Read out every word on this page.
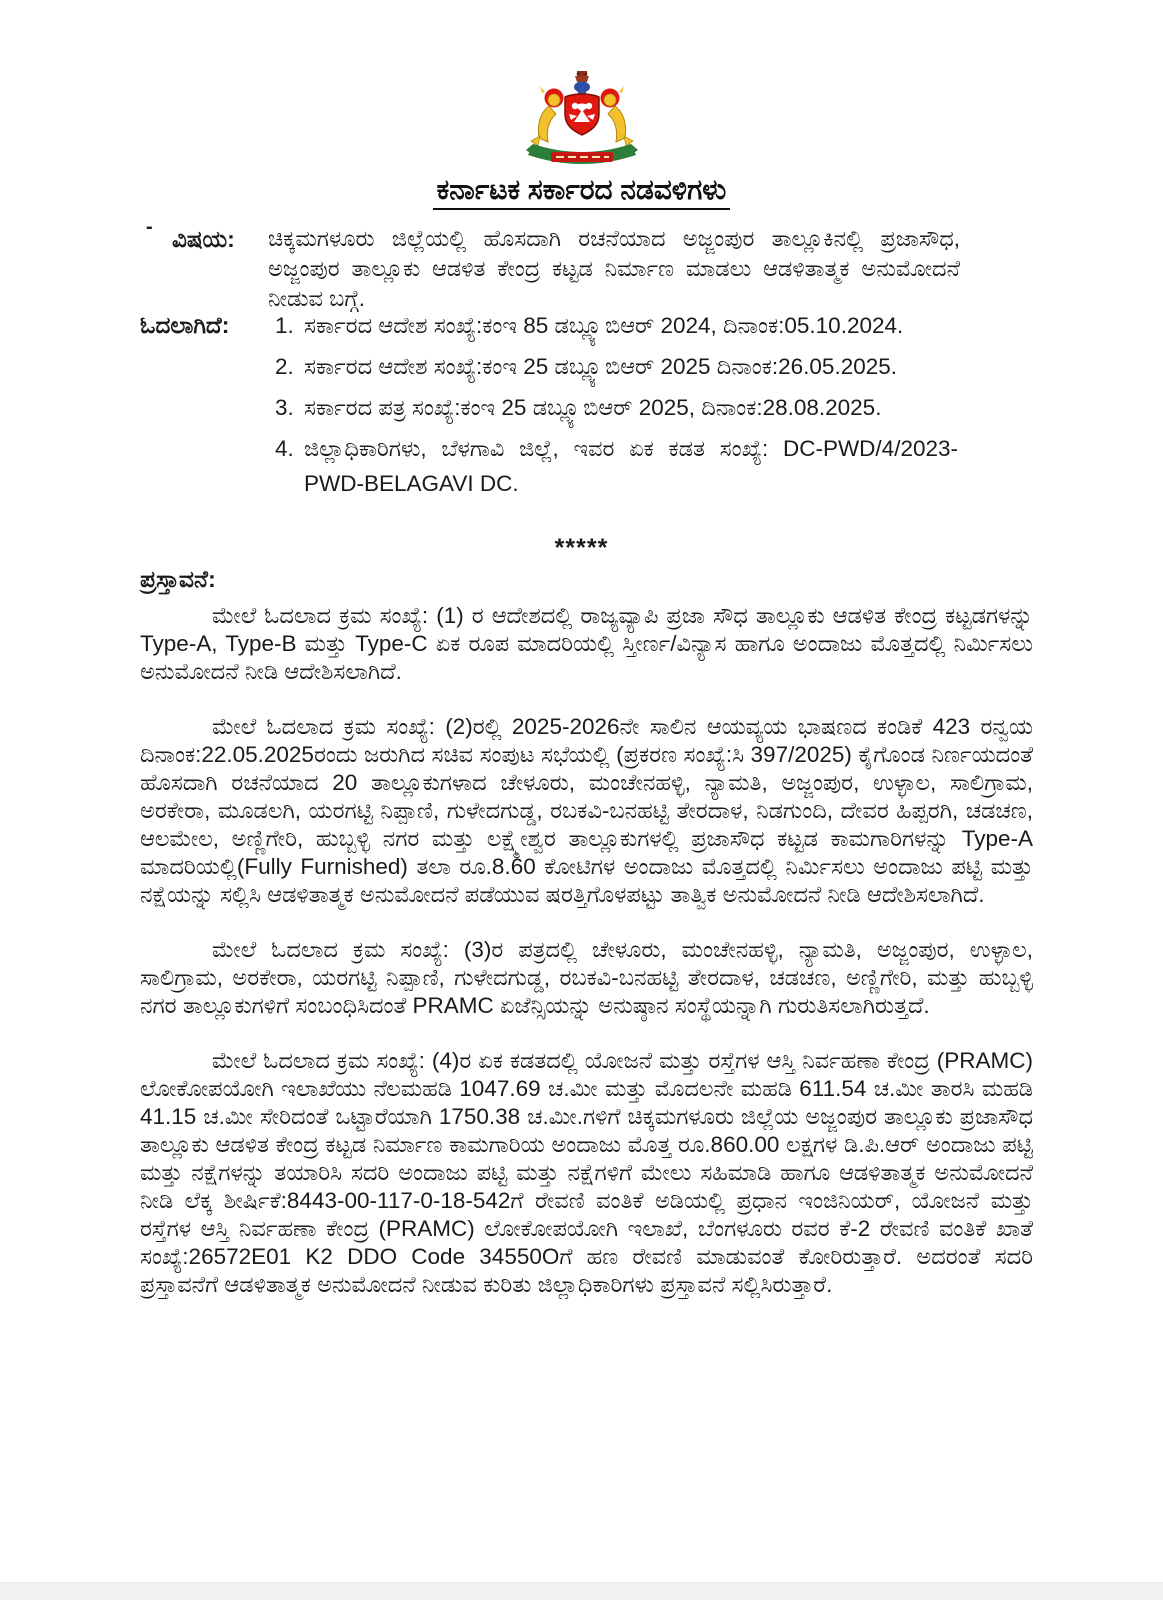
ಕರ್ನಾಟಕ ಸರ್ಕಾರದ ನಡವಳಿಗಳು
- ವಿಷಯ:	ಚಿಕ್ಕಮಗಳೂರು ಜಿಲ್ಲೆಯಲ್ಲಿ ಹೊಸದಾಗಿ ರಚನೆಯಾದ ಅಜ್ಜಂಪುರ ತಾಲ್ಲೂಕಿನಲ್ಲಿ ಪ್ರಜಾಸೌಧ, ಅಜ್ಜಂಪುರ ತಾಲ್ಲೂಕು ಆಡಳಿತ ಕೇಂದ್ರ ಕಟ್ಟಡ ನಿರ್ಮಾಣ ಮಾಡಲು ಆಡಳಿತಾತ್ಮಕ ಅನುಮೋದನೆ ನೀಡುವ ಬಗ್ಗೆ.
ಓದಲಾಗಿದೆ:	1. ಸರ್ಕಾರದ ಆದೇಶ ಸಂಖ್ಯೆ:ಕಂಇ 85 ಡಬ್ಲ್ಯೂಬಿಆರ್ 2024, ದಿನಾಂಕ:05.10.2024.
2. ಸರ್ಕಾರದ ಆದೇಶ ಸಂಖ್ಯೆ:ಕಂಇ 25 ಡಬ್ಲ್ಯೂಬಿಆರ್ 2025 ದಿನಾಂಕ:26.05.2025.
3. ಸರ್ಕಾರದ ಪತ್ರ ಸಂಖ್ಯೆ:ಕಂಇ 25 ಡಬ್ಲ್ಯೂಬಿಆರ್ 2025, ದಿನಾಂಕ:28.08.2025.
4. ಜಿಲ್ಲಾಧಿಕಾರಿಗಳು, ಬೆಳಗಾವಿ ಜಿಲ್ಲೆ, ಇವರ ಏಕ ಕಡತ ಸಂಖ್ಯೆ: DC-PWD/4/2023-PWD-BELAGAVI DC.
*****
ಪ್ರಸ್ತಾವನೆ:

ಮೇಲೆ ಓದಲಾದ ಕ್ರಮ ಸಂಖ್ಯೆ: (1) ರ ಆದೇಶದಲ್ಲಿ ರಾಜ್ಯವ್ಯಾಪಿ ಪ್ರಜಾ ಸೌಧ ತಾಲ್ಲೂಕು ಆಡಳಿತ ಕೇಂದ್ರ ಕಟ್ಟಡಗಳನ್ನು Type-A, Type-B ಮತ್ತು Type-C ಏಕ ರೂಪ ಮಾದರಿಯಲ್ಲಿ ಸ್ತೀರ್ಣ/ವಿನ್ಯಾಸ ಹಾಗೂ ಅಂದಾಜು ಮೊತ್ತದಲ್ಲಿ ನಿರ್ಮಿಸಲು ಅನುಮೋದನೆ ನೀಡಿ ಆದೇಶಿಸಲಾಗಿದೆ.

ಮೇಲೆ ಓದಲಾದ ಕ್ರಮ ಸಂಖ್ಯೆ: (2)ರಲ್ಲಿ 2025-2026ನೇ ಸಾಲಿನ ಆಯವ್ಯಯ ಭಾಷಣದ ಕಂಡಿಕೆ 423 ರನ್ವಯ ದಿನಾಂಕ:22.05.2025ರಂದು ಜರುಗಿದ ಸಚಿವ ಸಂಪುಟ ಸಭೆಯಲ್ಲಿ (ಪ್ರಕರಣ ಸಂಖ್ಯೆ:ಸಿ 397/2025) ಕೈಗೊಂಡ ನಿರ್ಣಯದಂತೆ ಹೊಸದಾಗಿ ರಚನೆಯಾದ 20 ತಾಲ್ಲೂಕುಗಳಾದ ಚೇಳೂರು, ಮಂಚೇನಹಳ್ಳಿ, ನ್ಯಾಮತಿ, ಅಜ್ಜಂಪುರ, ಉಳ್ಳಾಲ, ಸಾಲಿಗ್ರಾಮ, ಅರಕೇರಾ, ಮೂಡಲಗಿ, ಯರಗಟ್ಟಿ ನಿಪ್ಪಾಣಿ, ಗುಳೇದಗುಡ್ಡ, ರಬಕವಿ-ಬನಹಟ್ಟಿ ತೇರದಾಳ, ನಿಡಗುಂದಿ, ದೇವರ ಹಿಪ್ಪರಗಿ, ಚಡಚಣ, ಆಲಮೇಲ, ಅಣ್ಣಿಗೇರಿ, ಹುಬ್ಬಳ್ಳಿ ನಗರ ಮತ್ತು ಲಕ್ಷ್ಮೇಶ್ವರ ತಾಲ್ಲೂಕುಗಳಲ್ಲಿ ಪ್ರಜಾಸೌಧ ಕಟ್ಟಡ ಕಾಮಗಾರಿಗಳನ್ನು Type-A ಮಾದರಿಯಲ್ಲಿ(Fully Furnished) ತಲಾ ರೂ.8.60 ಕೋಟಿಗಳ ಅಂದಾಜು ಮೊತ್ತದಲ್ಲಿ ನಿರ್ಮಿಸಲು ಅಂದಾಜು ಪಟ್ಟಿ ಮತ್ತು ನಕ್ಷೆಯನ್ನು ಸಲ್ಲಿಸಿ ಆಡಳಿತಾತ್ಮಕ ಅನುಮೋದನೆ ಪಡೆಯುವ ಷರತ್ತಿಗೊಳಪಟ್ಟು ತಾತ್ವಿಕ ಅನುಮೋದನೆ ನೀಡಿ ಆದೇಶಿಸಲಾಗಿದೆ.

ಮೇಲೆ ಓದಲಾದ ಕ್ರಮ ಸಂಖ್ಯೆ: (3)ರ ಪತ್ರದಲ್ಲಿ ಚೇಳೂರು, ಮಂಚೇನಹಳ್ಳಿ, ನ್ಯಾಮತಿ, ಅಜ್ಜಂಪುರ, ಉಳ್ಳಾಲ, ಸಾಲಿಗ್ರಾಮ, ಅರಕೇರಾ, ಯರಗಟ್ಟಿ ನಿಪ್ಪಾಣಿ, ಗುಳೇದಗುಡ್ಡ, ರಬಕವಿ-ಬನಹಟ್ಟಿ ತೇರದಾಳ, ಚಡಚಣ, ಅಣ್ಣಿಗೇರಿ, ಮತ್ತು ಹುಬ್ಬಳ್ಳಿ ನಗರ ತಾಲ್ಲೂಕುಗಳಿಗೆ ಸಂಬಂಧಿಸಿದಂತೆ PRAMC ಏಜೆನ್ಸಿಯನ್ನು ಅನುಷ್ಠಾನ ಸಂಸ್ಥೆಯನ್ನಾಗಿ ಗುರುತಿಸಲಾಗಿರುತ್ತದೆ.

ಮೇಲೆ ಓದಲಾದ ಕ್ರಮ ಸಂಖ್ಯೆ: (4)ರ ಏಕ ಕಡತದಲ್ಲಿ ಯೋಜನೆ ಮತ್ತು ರಸ್ತೆಗಳ ಆಸ್ತಿ ನಿರ್ವಹಣಾ ಕೇಂದ್ರ (PRAMC) ಲೋಕೋಪಯೋಗಿ ಇಲಾಖೆಯು ನೆಲಮಹಡಿ 1047.69 ಚ.ಮೀ ಮತ್ತು ಮೊದಲನೇ ಮಹಡಿ 611.54 ಚ.ಮೀ ತಾರಸಿ ಮಹಡಿ 41.15 ಚ.ಮೀ ಸೇರಿದಂತೆ ಒಟ್ಟಾರೆಯಾಗಿ 1750.38 ಚ.ಮೀ.ಗಳಿಗೆ ಚಿಕ್ಕಮಗಳೂರು ಜಿಲ್ಲೆಯ ಅಜ್ಜಂಪುರ ತಾಲ್ಲೂಕು ಪ್ರಜಾಸೌಧ ತಾಲ್ಲೂಕು ಆಡಳಿತ ಕೇಂದ್ರ ಕಟ್ಟಡ ನಿರ್ಮಾಣ ಕಾಮಗಾರಿಯ ಅಂದಾಜು ಮೊತ್ತ ರೂ.860.00 ಲಕ್ಷಗಳ ಡಿ.ಪಿ.ಆರ್ ಅಂದಾಜು ಪಟ್ಟಿ ಮತ್ತು ನಕ್ಷೆಗಳನ್ನು ತಯಾರಿಸಿ ಸದರಿ ಅಂದಾಜು ಪಟ್ಟಿ ಮತ್ತು ನಕ್ಷೆಗಳಿಗೆ ಮೇಲು ಸಹಿಮಾಡಿ ಹಾಗೂ ಆಡಳಿತಾತ್ಮಕ ಅನುಮೋದನೆ ನೀಡಿ ಲೆಕ್ಕ ಶೀರ್ಷಿಕೆ:8443-00-117-0-18-542ಗೆ ರೇವಣಿ ವಂತಿಕೆ ಅಡಿಯಲ್ಲಿ ಪ್ರಧಾನ ಇಂಜಿನಿಯರ್, ಯೋಜನೆ ಮತ್ತು ರಸ್ತೆಗಳ ಆಸ್ತಿ ನಿರ್ವಹಣಾ ಕೇಂದ್ರ (PRAMC) ಲೋಕೋಪಯೋಗಿ ಇಲಾಖೆ, ಬೆಂಗಳೂರು ರವರ ಕೆ-2 ರೇವಣಿ ವಂತಿಕೆ ಖಾತೆ ಸಂಖ್ಯೆ:26572E01 K2 DDO Code 34550Oಗೆ ಹಣ ರೇವಣಿ ಮಾಡುವಂತೆ ಕೋರಿರುತ್ತಾರೆ. ಅದರಂತೆ ಸದರಿ ಪ್ರಸ್ತಾವನೆಗೆ ಆಡಳಿತಾತ್ಮಕ ಅನುಮೋದನೆ ನೀಡುವ ಕುರಿತು ಜಿಲ್ಲಾಧಿಕಾರಿಗಳು ಪ್ರಸ್ತಾವನೆ ಸಲ್ಲಿಸಿರುತ್ತಾರೆ.
